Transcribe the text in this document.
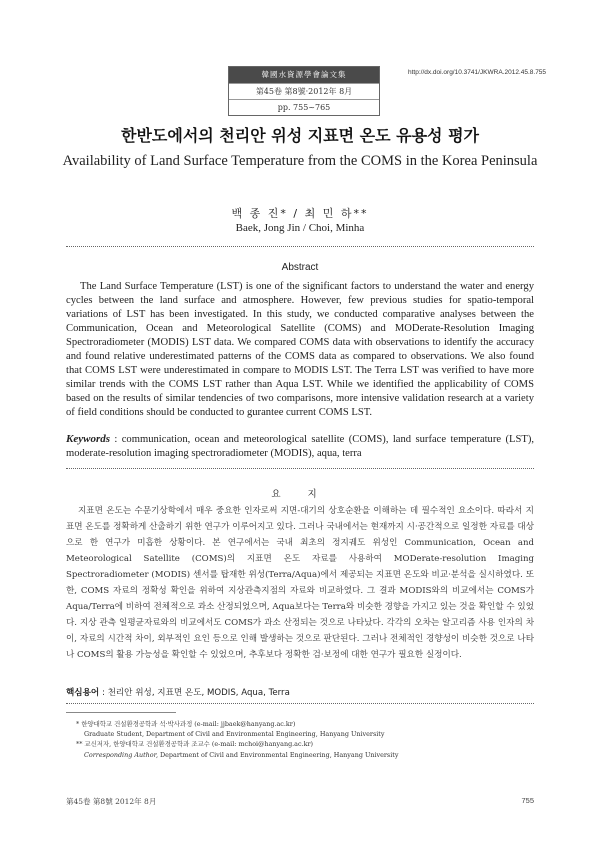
韓國水資源學會論文集
第45卷 第8號·2012年 8月
pp. 755~765
http://dx.doi.org/10.3741/JKWRA.2012.45.8.755
한반도에서의 천리안 위성 지표면 온도 유용성 평가
Availability of Land Surface Temperature from the COMS in the Korea Peninsula
백 종 진* / 최 민 하**
Baek, Jong Jin / Choi, Minha
Abstract
The Land Surface Temperature (LST) is one of the significant factors to understand the water and energy cycles between the land surface and atmosphere. However, few previous studies for spatio-temporal variations of LST has been investigated. In this study, we conducted comparative analyses between the Communication, Ocean and Meteorological Satellite (COMS) and MODerate-Resolution Imaging Spectroradiometer (MODIS) LST data. We compared COMS data with observations to identify the accuracy and found relative underestimated patterns of the COMS data as compared to observations. We also found that COMS LST were underestimated in compare to MODIS LST. The Terra LST was verified to have more similar trends with the COMS LST rather than Aqua LST. While we identified the applicability of COMS based on the results of similar tendencies of two comparisons, more intensive validation research at a variety of field conditions should be conducted to gurantee current COMS LST.
Keywords : communication, ocean and meteorological satellite (COMS), land surface temperature (LST), moderate-resolution imaging spectroradiometer (MODIS), aqua, terra
요 지
지표면 온도는 수문기상학에서 매우 중요한 인자로써 지면-대기의 상호순환을 이해하는 데 필수적인 요소이다. 따라서 지표면 온도를 정확하게 산출하기 위한 연구가 이루어지고 있다. 그러나 국내에서는 현재까지 시·공간적으로 일정한 자료를 대상으로 한 연구가 미흡한 상황이다. 본 연구에서는 국내 최초의 정지궤도 위성인 Communication, Ocean and Meteorological Satellite (COMS)의 지표면 온도 자료를 사용하여 MODerate-resolution Imaging Spectroradiometer (MODIS) 센서를 탑재한 위성(Terra/Aqua)에서 제공되는 지표면 온도와 비교·분석을 실시하였다. 또한, COMS 자료의 정확성 확인을 위하여 지상관측지점의 자료와 비교하였다. 그 결과 MODIS와의 비교에서는 COMS가 Aqua/Terra에 비하여 전체적으로 과소 산정되었으며, Aqua보다는 Terra와 비슷한 경향을 가지고 있는 것을 확인할 수 있었다. 지상 관측 일평균자료와의 비교에서도 COMS가 과소 산정되는 것으로 나타났다. 각각의 오차는 알고리즘 사용 인자의 차이, 자료의 시간적 차이, 외부적인 요인 등으로 인해 발생하는 것으로 판단된다. 그러나 전체적인 경향성이 비슷한 것으로 나타나 COMS의 활용 가능성을 확인할 수 있었으며, 추후보다 정확한 검·보정에 대한 연구가 필요한 실정이다.
핵심용어 : 천리안 위성, 지표면 온도, MODIS, Aqua, Terra
* 한양대학교 건설환경공학과 석·박사과정 (e-mail: jjbaek@hanyang.ac.kr)
Graduate Student, Department of Civil and Environmental Engineering, Hanyang University
** 교신저자, 한양대학교 건설환경공학과 조교수 (e-mail: mchoi@hanyang.ac.kr)
Corresponding Author, Department of Civil and Environmental Engineering, Hanyang University
第45卷 第8號 2012年 8月	755
